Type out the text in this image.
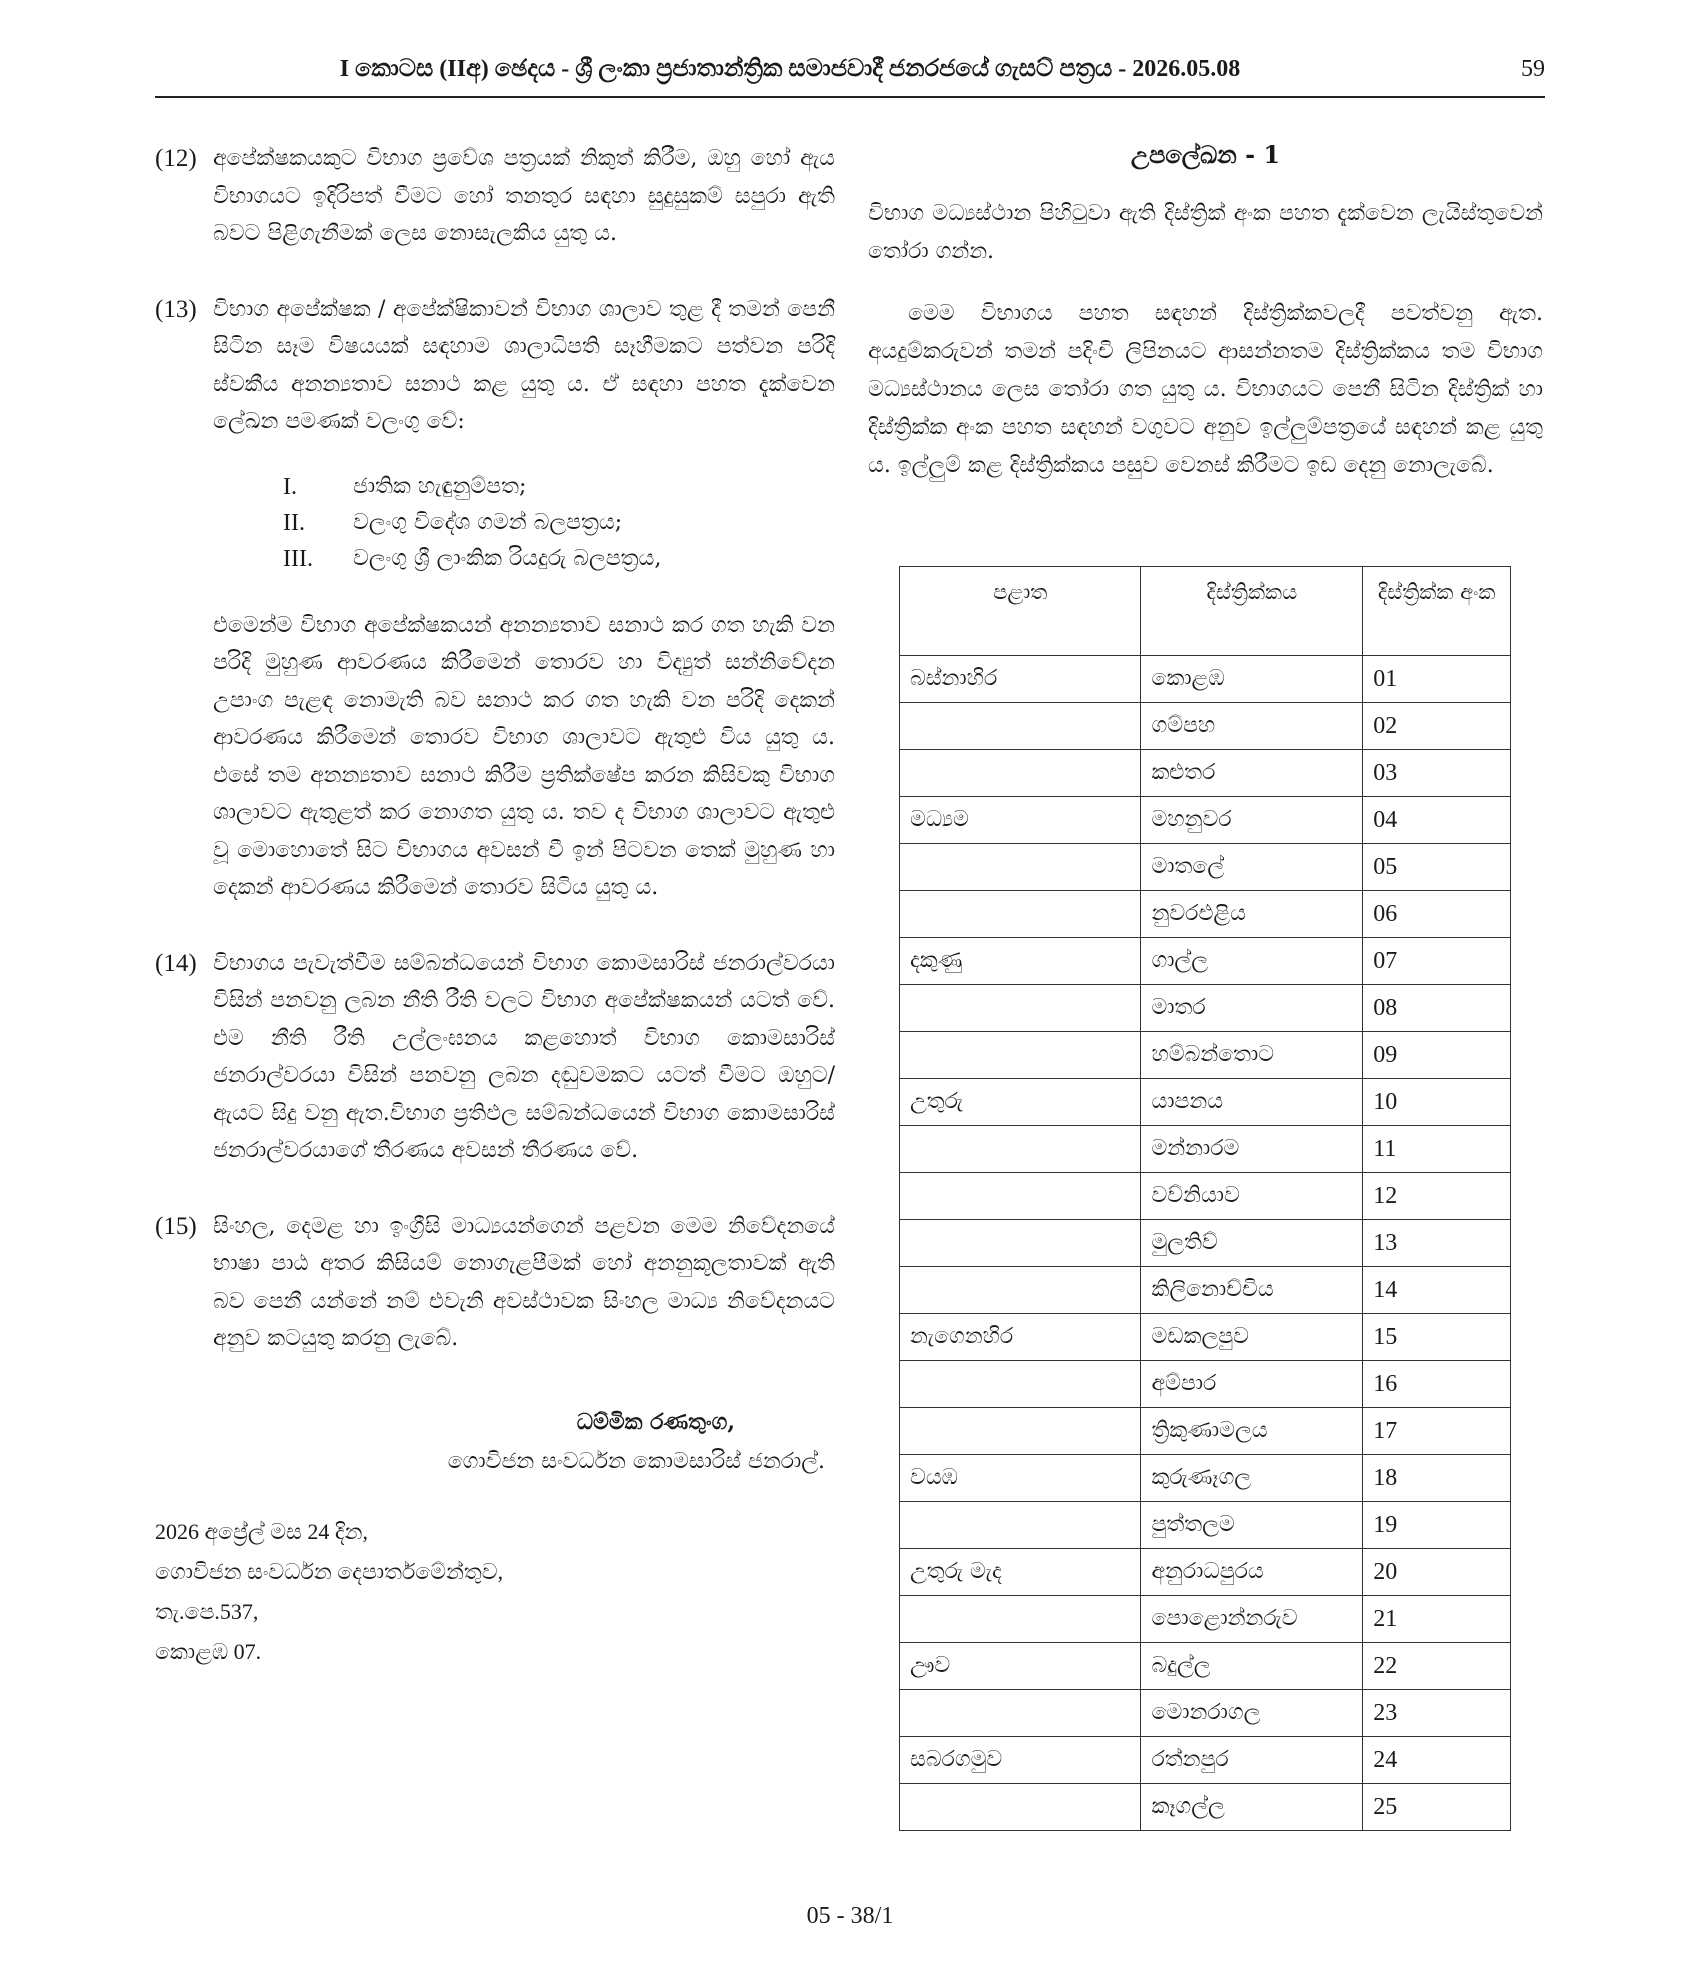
I කොටස (IIඅ) ඡෙදය - ශ්‍රී ලංකා ප්‍රජාතාන්ත්‍රික සමාජවාදී ජනරජයේ ගැසට් පත්‍රය - 2026.05.08	59
(12) අපේක්ෂකයකුට විභාග ප්‍රවේශ පත්‍රයක් නිකුත් කිරීම, ඔහු හෝ ඇය විභාගයට ඉදිරිපත් වීමට හෝ තනතුර සඳහා සුදුසුකම් සපුරා ඇති බවට පිළිගැනීමක් ලෙස නොසැලකිය යුතු ය.
(13) විභාග අපේක්ෂක / අපේක්ෂිකාවන් විභාග ශාලාව තුළ දී තමන් පෙනී සිටින සෑම විෂයයක් සඳහාම ශාලාධිපති සෑහීමකට පත්වන පරිදි ස්වකීය අනන්‍යතාව සනාථ කළ යුතු ය. ඒ සඳහා පහත දැක්වෙන ලේඛන පමණක් වලංගු වේ:
I.	ජාතික හැඳුනුම්පත;
II.	වලංගු විදේශ ගමන් බලපත්‍රය;
III.	වලංගු ශ්‍රී ලාංකික රියදුරු බලපත්‍රය,
එමෙන්ම විභාග අපේක්ෂකයන් අනන්‍යතාව සනාථ කර ගත හැකි වන පරිදි මුහුණ ආවරණය කිරීමෙන් තොරව හා විද්‍යුත් සන්නිවේදන උපාංග පැළඳ නොමැති බව සනාථ කර ගත හැකි වන පරිදි දෙකන් ආවරණය කිරීමෙන් තොරව විභාග ශාලාවට ඇතුළු විය යුතු ය. එසේ තම අනන්‍යතාව සනාථ කිරීම ප්‍රතික්ෂේප කරන කිසිවකු විභාග ශාලාවට ඇතුළත් කර නොගත යුතු ය. තව ද විභාග ශාලාවට ඇතුළු වූ මොහොතේ සිට විභාගය අවසන් වී ඉන් පිටවන තෙක් මුහුණ හා දෙකන් ආවරණය කිරීමෙන් තොරව සිටිය යුතු ය.
(14) විභාගය පැවැත්වීම සම්බන්ධයෙන් විභාග කොමසාරිස් ජනරාල්වරයා විසින් පනවනු ලබන නීති රීති වලට විභාග අපේක්ෂකයන් යටත් වේ. එම නීති රීති උල්ලංඝනය කළහොත් විභාග කොමසාරිස් ජනරාල්වරයා විසින් පනවනු ලබන දඬුවමකට යටත් වීමට ඔහුට/ඇයට සිදු වනු ඇත.විභාග ප්‍රතිඵල සම්බන්ධයෙන් විභාග කොමසාරිස් ජනරාල්වරයාගේ තීරණය අවසන් තීරණය වේ.
(15) සිංහල, දෙමළ හා ඉංග්‍රීසි මාධ්‍යයන්ගෙන් පළවන මෙම නිවේදනයේ භාෂා පාඨ අතර කිසියම් නොගැළපීමක් හෝ අනනුකූලතාවක් ඇති බව පෙනී යන්නේ නම් එවැනි අවස්ථාවක සිංහල මාධ්‍ය නිවේදනයට අනුව කටයුතු කරනු ලැබේ.
ධම්මික රණතුංග,
ගොවිජන සංවර්ධන කොමසාරිස් ජනරාල්.
2026 අප්‍රේල් මස 24 දින,
ගොවිජන සංවර්ධන දෙපාර්තමේන්තුව,
තැ.පෙ.537,
කොළඹ 07.
උපලේඛන - 1
විභාග මධ්‍යස්ථාන පිහිටුවා ඇති දිස්ත්‍රික් අංක පහත දැක්වෙන ලැයිස්තුවෙන් තෝරා ගන්න.
මෙම විභාගය පහත සඳහන් දිස්ත්‍රික්කවලදී පවත්වනු ඇත. අයදුම්කරුවන් තමන් පදිංචි ලිපිනයට ආසන්නතම දිස්ත්‍රික්කය තම විභාග මධ්‍යස්ථානය ලෙස තෝරා ගත යුතු ය. විභාගයට පෙනී සිටින දිස්ත්‍රික් හා දිස්ත්‍රික්ක අංක පහත සඳහන් වගුවට අනුව ඉල්ලුම්පත්‍රයේ සඳහන් කළ යුතු ය. ඉල්ලුම් කළ දිස්ත්‍රික්කය පසුව වෙනස් කිරීමට ඉඩ දෙනු නොලැබේ.
පළාත	දිස්ත්‍රික්කය	දිස්ත්‍රික්ක අංක
බස්නාහිර	කොළඹ	01
	ගම්පහ	02
	කළුතර	03
මධ්‍යම	මහනුවර	04
	මාතලේ	05
	නුවරඑළිය	06
දකුණු	ගාල්ල	07
	මාතර	08
	හම්බන්තොට	09
උතුරු	යාපනය	10
	මන්නාරම	11
	වව්නියාව	12
	මුලතිව්	13
	කිලිනොච්චිය	14
නැගෙනහිර	මඩකලපුව	15
	අම්පාර	16
	ත්‍රිකුණාමලය	17
වයඹ	කුරුණෑගල	18
	පුත්තලම	19
උතුරු මැද	අනුරාධපුරය	20
	පොළොන්නරුව	21
ඌව	බදුල්ල	22
	මොනරාගල	23
සබරගමුව	රත්නපුර	24
	කෑගල්ල	25
05 - 38/1
